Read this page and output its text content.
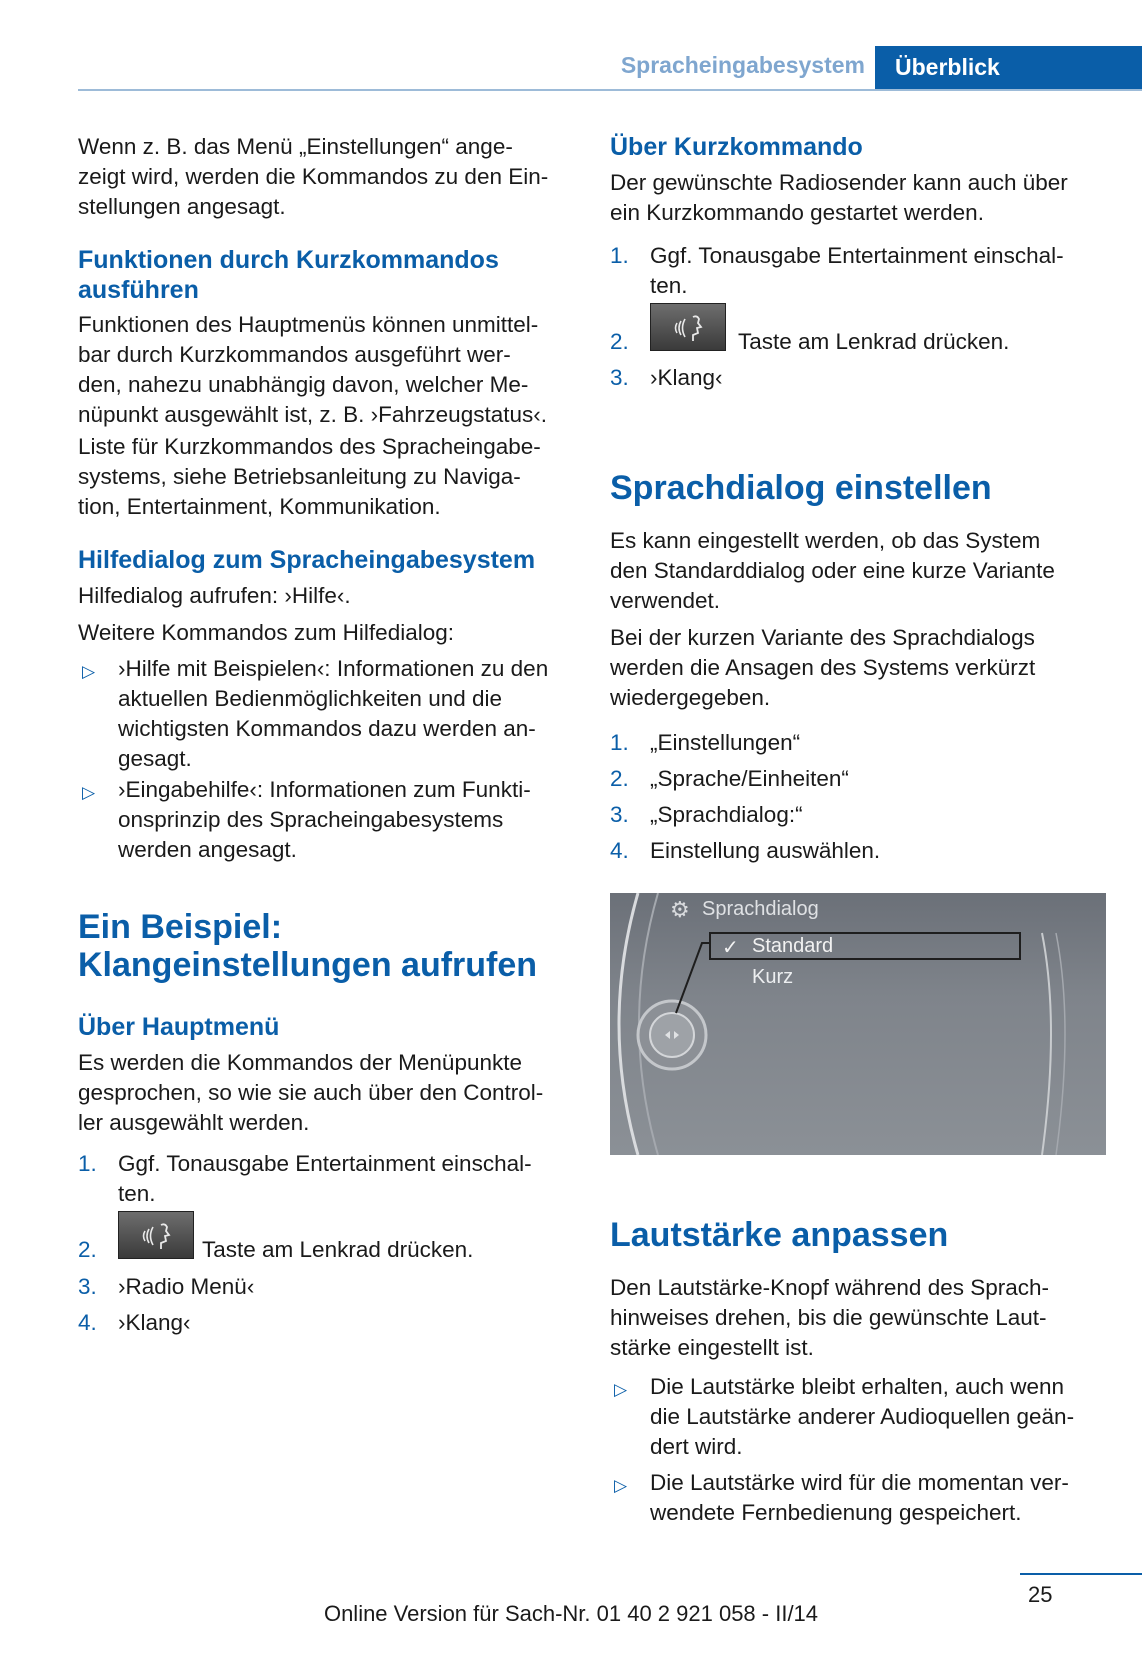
Spracheingabesystem	Überblick
Wenn z. B. das Menü „Einstellungen“ ange-
zeigt wird, werden die Kommandos zu den Ein-
stellungen angesagt.
Funktionen durch Kurzkommandos
ausführen
Funktionen des Hauptmenüs können unmittel-
bar durch Kurzkommandos ausgeführt wer-
den, nahezu unabhängig davon, welcher Me-
nüpunkt ausgewählt ist, z. B. ›Fahrzeugstatus‹.
Liste für Kurzkommandos des Spracheingabe-
systems, siehe Betriebsanleitung zu Naviga-
tion, Entertainment, Kommunikation.
Hilfedialog zum Spracheingabesystem
Hilfedialog aufrufen: ›Hilfe‹.
Weitere Kommandos zum Hilfedialog:
▷ ›Hilfe mit Beispielen‹: Informationen zu den
aktuellen Bedienmöglichkeiten und die
wichtigsten Kommandos dazu werden an-
gesagt.
▷ ›Eingabehilfe‹: Informationen zum Funkti-
onsprinzip des Spracheingabesystems
werden angesagt.
Ein Beispiel:
Klangeinstellungen aufrufen
Über Hauptmenü
Es werden die Kommandos der Menüpunkte
gesprochen, so wie sie auch über den Control-
ler ausgewählt werden.
1. Ggf. Tonausgabe Entertainment einschal-
ten.
2.	Taste am Lenkrad drücken.
3. ›Radio Menü‹
4. ›Klang‹
Über Kurzkommando
Der gewünschte Radiosender kann auch über
ein Kurzkommando gestartet werden.
1. Ggf. Tonausgabe Entertainment einschal-
ten.
2.	Taste am Lenkrad drücken.
3. ›Klang‹
Sprachdialog einstellen
Es kann eingestellt werden, ob das System
den Standarddialog oder eine kurze Variante
verwendet.
Bei der kurzen Variante des Sprachdialogs
werden die Ansagen des Systems verkürzt
wiedergegeben.
1. „Einstellungen“
2. „Sprache/Einheiten“
3. „Sprachdialog:“
4. Einstellung auswählen.
⚙ Sprachdialog
✓ Standard
Kurz
Lautstärke anpassen
Den Lautstärke-Knopf während des Sprach-
hinweises drehen, bis die gewünschte Laut-
stärke eingestellt ist.
▷ Die Lautstärke bleibt erhalten, auch wenn
die Lautstärke anderer Audioquellen geän-
dert wird.
▷ Die Lautstärke wird für die momentan ver-
wendete Fernbedienung gespeichert.
25
Online Version für Sach-Nr. 01 40 2 921 058 - II/14
